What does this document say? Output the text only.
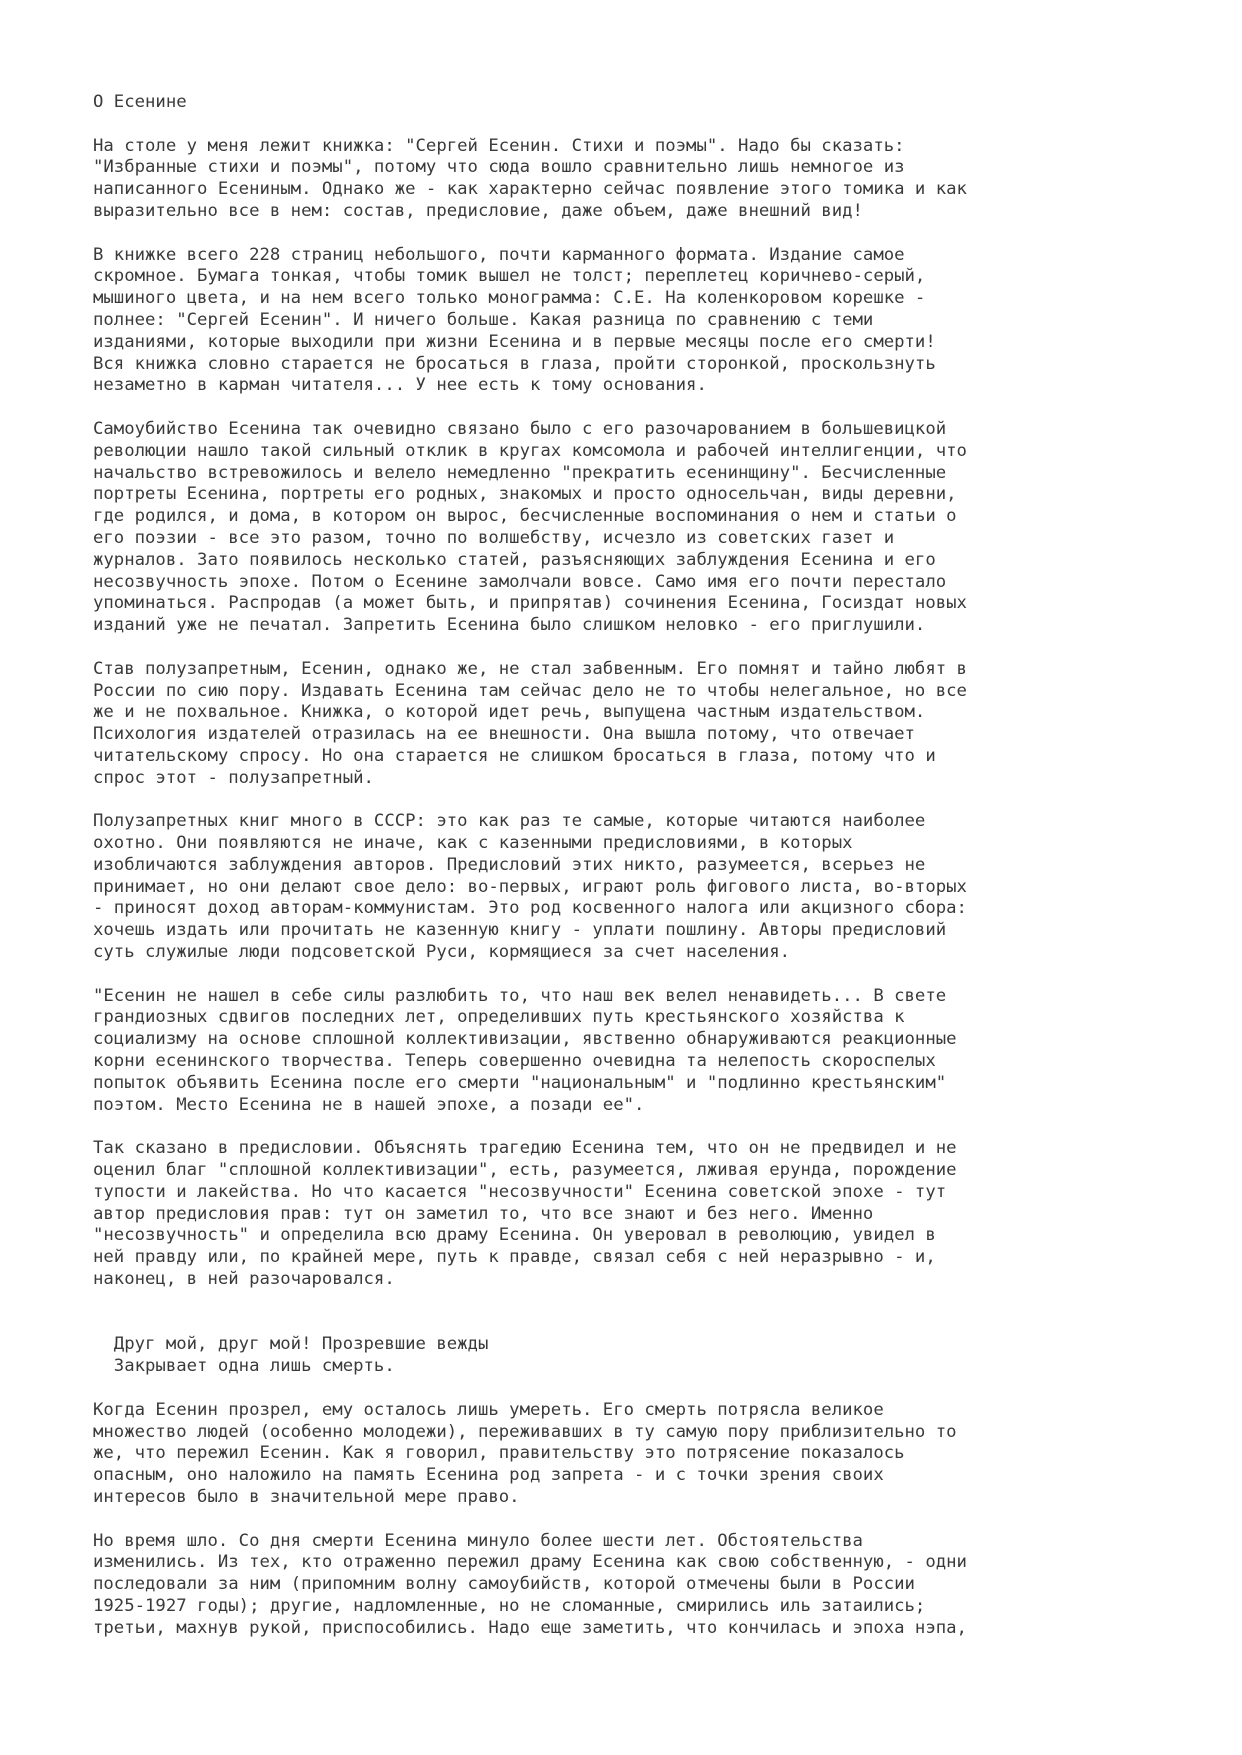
О Есенине
На столе у меня лежит книжка: "Сергей Есенин. Стихи и поэмы". Надо бы сказать:
"Избранные стихи и поэмы", потому что сюда вошло сравнительно лишь немногое из
написанного Есениным. Однако же - как характерно сейчас появление этого томика и как
выразительно все в нем: состав, предисловие, даже объем, даже внешний вид!
В книжке всего 228 страниц небольшого, почти карманного формата. Издание самое
скромное. Бумага тонкая, чтобы томик вышел не толст; переплетец коричнево-серый,
мышиного цвета, и на нем всего только монограмма: С.Е. На коленкоровом корешке -
полнее: "Сергей Есенин". И ничего больше. Какая разница по сравнению с теми
изданиями, которые выходили при жизни Есенина и в первые месяцы после его смерти!
Вся книжка словно старается не бросаться в глаза, пройти сторонкой, проскользнуть
незаметно в карман читателя... У нее есть к тому основания.
Самоубийство Есенина так очевидно связано было с его разочарованием в большевицкой
революции нашло такой сильный отклик в кругах комсомола и рабочей интеллигенции, что
начальство встревожилось и велело немедленно "прекратить есенинщину". Бесчисленные
портреты Есенина, портреты его родных, знакомых и просто односельчан, виды деревни,
где родился, и дома, в котором он вырос, бесчисленные воспоминания о нем и статьи о
его поэзии - все это разом, точно по волшебству, исчезло из советских газет и
журналов. Зато появилось несколько статей, разъясняющих заблуждения Есенина и его
несозвучность эпохе. Потом о Есенине замолчали вовсе. Само имя его почти перестало
упоминаться. Распродав (а может быть, и припрятав) сочинения Есенина, Госиздат новых
изданий уже не печатал. Запретить Есенина было слишком неловко - его приглушили.
Став полузапретным, Есенин, однако же, не стал забвенным. Его помнят и тайно любят в
России по сию пору. Издавать Есенина там сейчас дело не то чтобы нелегальное, но все
же и не похвальное. Книжка, о которой идет речь, выпущена частным издательством.
Психология издателей отразилась на ее внешности. Она вышла потому, что отвечает
читательскому спросу. Но она старается не слишком бросаться в глаза, потому что и
спрос этот - полузапретный.
Полузапретных книг много в СССР: это как раз те самые, которые читаются наиболее
охотно. Они появляются не иначе, как с казенными предисловиями, в которых
изобличаются заблуждения авторов. Предисловий этих никто, разумеется, всерьез не
принимает, но они делают свое дело: во-первых, играют роль фигового листа, во-вторых
- приносят доход авторам-коммунистам. Это род косвенного налога или акцизного сбора:
хочешь издать или прочитать не казенную книгу - уплати пошлину. Авторы предисловий
суть служилые люди подсоветской Руси, кормящиеся за счет населения.
"Есенин не нашел в себе силы разлюбить то, что наш век велел ненавидеть... В свете
грандиозных сдвигов последних лет, определивших путь крестьянского хозяйства к
социализму на основе сплошной коллективизации, явственно обнаруживаются реакционные
корни есенинского творчества. Теперь совершенно очевидна та нелепость скороспелых
попыток объявить Есенина после его смерти "национальным" и "подлинно крестьянским"
поэтом. Место Есенина не в нашей эпохе, а позади ее".
Так сказано в предисловии. Объяснять трагедию Есенина тем, что он не предвидел и не
оценил благ "сплошной коллективизации", есть, разумеется, лживая ерунда, порождение
тупости и лакейства. Но что касается "несозвучности" Есенина советской эпохе - тут
автор предисловия прав: тут он заметил то, что все знают и без него. Именно
"несозвучность" и определила всю драму Есенина. Он уверовал в революцию, увидел в
ней правду или, по крайней мере, путь к правде, связал себя с ней неразрывно - и,
наконец, в ней разочаровался.
Друг мой, друг мой! Прозревшие вежды
Закрывает одна лишь смерть.
Когда Есенин прозрел, ему осталось лишь умереть. Его смерть потрясла великое
множество людей (особенно молодежи), переживавших в ту самую пору приблизительно то
же, что пережил Есенин. Как я говорил, правительству это потрясение показалось
опасным, оно наложило на память Есенина род запрета - и с точки зрения своих
интересов было в значительной мере право.
Но время шло. Со дня смерти Есенина минуло более шести лет. Обстоятельства
изменились. Из тех, кто отраженно пережил драму Есенина как свою собственную, - одни
последовали за ним (припомним волну самоубийств, которой отмечены были в России
1925-1927 годы); другие, надломленные, но не сломанные, смирились иль затаились;
третьи, махнув рукой, приспособились. Надо еще заметить, что кончилась и эпоха нэпа,
